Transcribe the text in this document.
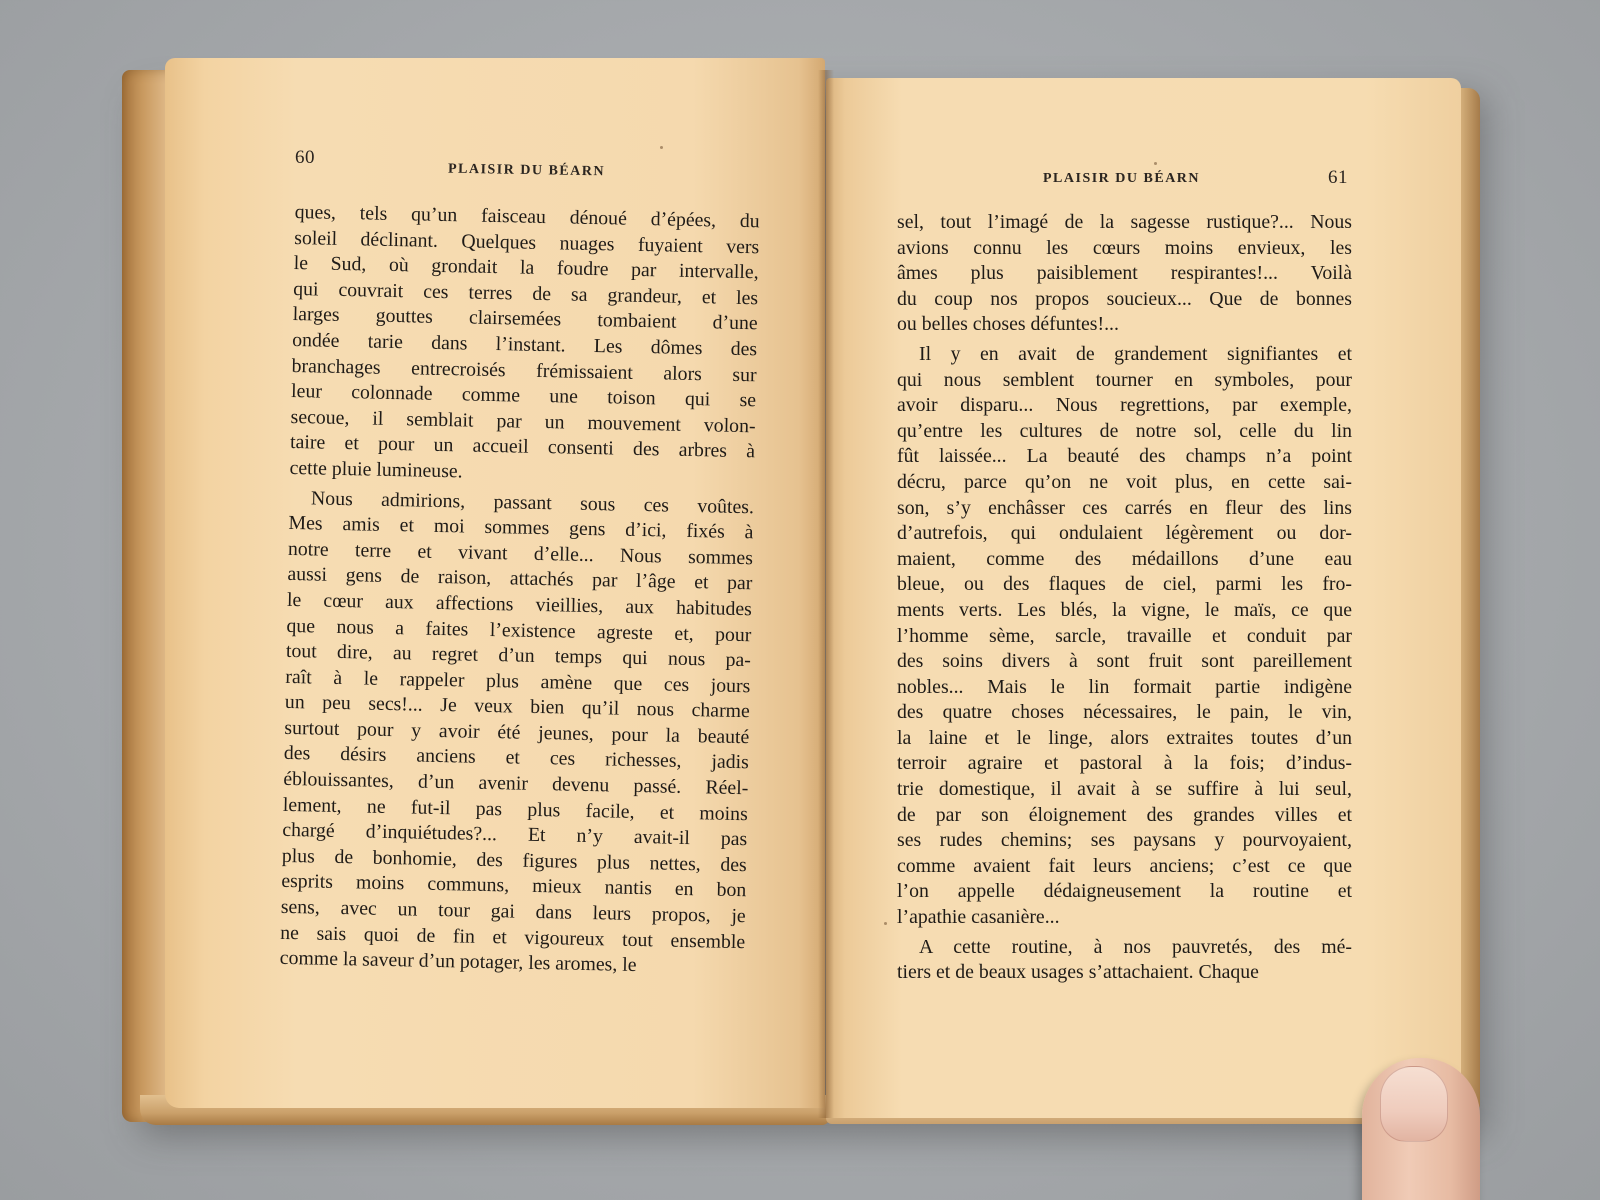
60
PLAISIR DU BÉARN	PLAISIR DU BÉARN	61
ques, tels qu’un faisceau dénoué d’épées, du
soleil déclinant. Quelques nuages fuyaient vers
le Sud, où grondait la foudre par intervalle,
qui couvrait ces terres de sa grandeur, et les
larges gouttes clairsemées tombaient d’une
ondée tarie dans l’instant. Les dômes des
branchages entrecroisés frémissaient alors sur
leur colonnade comme une toison qui se
secoue, il semblait par un mouvement volon-
taire et pour un accueil consenti des arbres à
cette pluie lumineuse.
Nous admirions, passant sous ces voûtes.
Mes amis et moi sommes gens d’ici, fixés à
notre terre et vivant d’elle... Nous sommes
aussi gens de raison, attachés par l’âge et par
le cœur aux affections vieillies, aux habitudes
que nous a faites l’existence agreste et, pour
tout dire, au regret d’un temps qui nous pa-
raît à le rappeler plus amène que ces jours
un peu secs!... Je veux bien qu’il nous charme
surtout pour y avoir été jeunes, pour la beauté
des désirs anciens et ces richesses, jadis
éblouissantes, d’un avenir devenu passé. Réel-
lement, ne fut-il pas plus facile, et moins
chargé d’inquiétudes?... Et n’y avait-il pas
plus de bonhomie, des figures plus nettes, des
esprits moins communs, mieux nantis en bon
sens, avec un tour gai dans leurs propos, je
ne sais quoi de fin et vigoureux tout ensemble
comme la saveur d’un potager, les aromes, le
sel, tout l’imagé de la sagesse rustique?... Nous
avions connu les cœurs moins envieux, les
âmes plus paisiblement respirantes!... Voilà
du coup nos propos soucieux... Que de bonnes
ou belles choses défuntes!...
Il y en avait de grandement signifiantes et
qui nous semblent tourner en symboles, pour
avoir disparu... Nous regrettions, par exemple,
qu’entre les cultures de notre sol, celle du lin
fût laissée... La beauté des champs n’a point
décru, parce qu’on ne voit plus, en cette sai-
son, s’y enchâsser ces carrés en fleur des lins
d’autrefois, qui ondulaient légèrement ou dor-
maient, comme des médaillons d’une eau
bleue, ou des flaques de ciel, parmi les fro-
ments verts. Les blés, la vigne, le maïs, ce que
l’homme sème, sarcle, travaille et conduit par
des soins divers à sont fruit sont pareillement
nobles... Mais le lin formait partie indigène
des quatre choses nécessaires, le pain, le vin,
la laine et le linge, alors extraites toutes d’un
terroir agraire et pastoral à la fois; d’indus-
trie domestique, il avait à se suffire à lui seul,
de par son éloignement des grandes villes et
ses rudes chemins; ses paysans y pourvoyaient,
comme avaient fait leurs anciens; c’est ce que
l’on appelle dédaigneusement la routine et
l’apathie casanière...
A cette routine, à nos pauvretés, des mé-
tiers et de beaux usages s’attachaient. Chaque
